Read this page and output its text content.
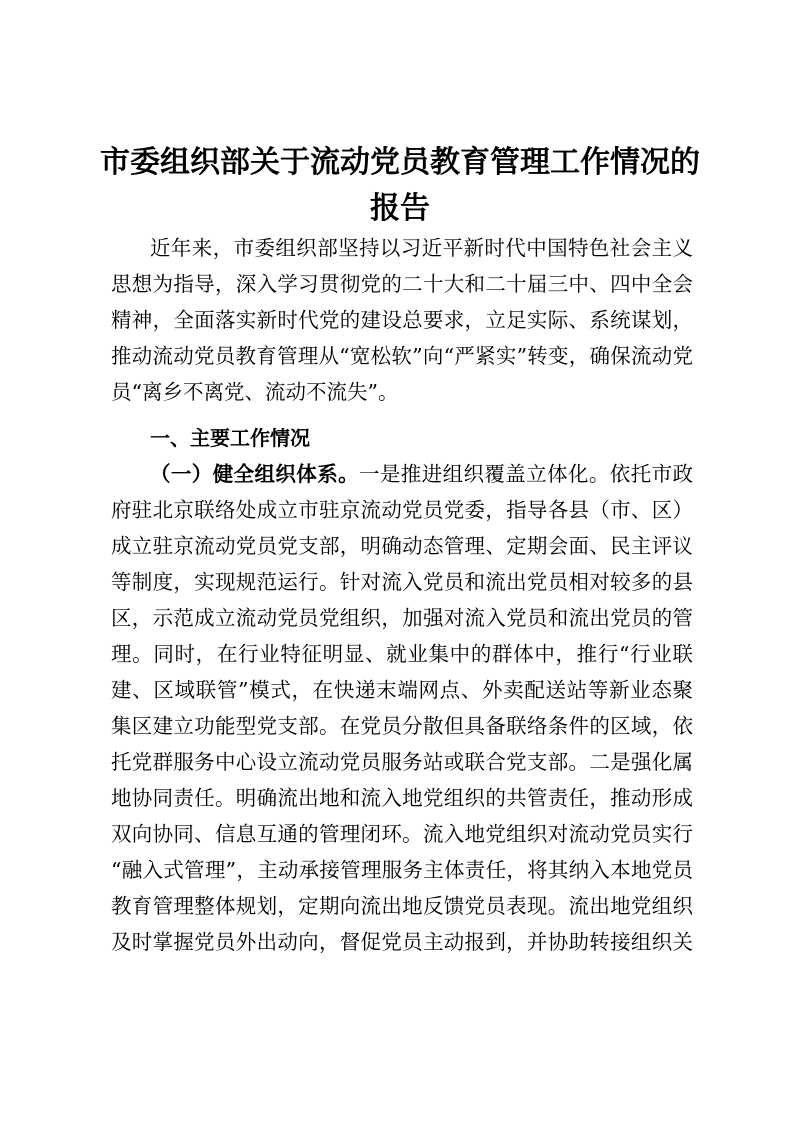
市委组织部关于流动党员教育管理工作情况的
报告
近年来，市委组织部坚持以习近平新时代中国特色社会主义
思想为指导，深入学习贯彻党的二十大和二十届三中、四中全会
精神，全面落实新时代党的建设总要求，立足实际、系统谋划，
推动流动党员教育管理从“宽松软”向“严紧实”转变，确保流动党
员“离乡不离党、流动不流失”。
一、主要工作情况
（一）健全组织体系。一是推进组织覆盖立体化。依托市政
府驻北京联络处成立市驻京流动党员党委，指导各县（市、区）
成立驻京流动党员党支部，明确动态管理、定期会面、民主评议
等制度，实现规范运行。针对流入党员和流出党员相对较多的县
区，示范成立流动党员党组织，加强对流入党员和流出党员的管
理。同时，在行业特征明显、就业集中的群体中，推行“行业联
建、区域联管”模式，在快递末端网点、外卖配送站等新业态聚
集区建立功能型党支部。在党员分散但具备联络条件的区域，依
托党群服务中心设立流动党员服务站或联合党支部。二是强化属
地协同责任。明确流出地和流入地党组织的共管责任，推动形成
双向协同、信息互通的管理闭环。流入地党组织对流动党员实行
“融入式管理”，主动承接管理服务主体责任，将其纳入本地党员
教育管理整体规划，定期向流出地反馈党员表现。流出地党组织
及时掌握党员外出动向，督促党员主动报到，并协助转接组织关
